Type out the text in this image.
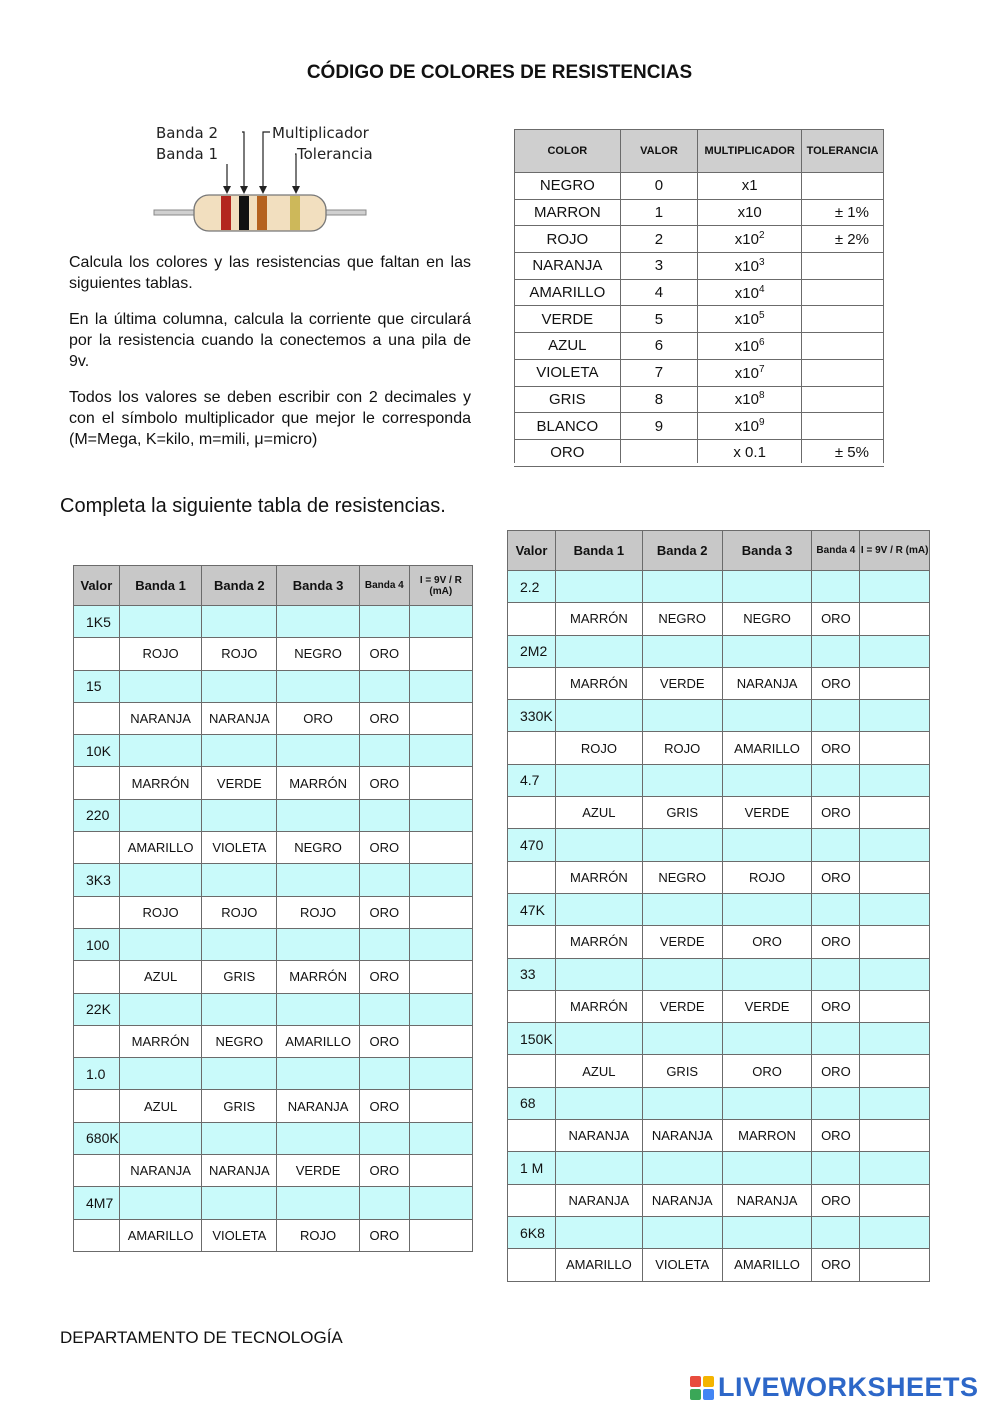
CÓDIGO DE COLORES DE RESISTENCIAS
Banda 2
Banda 1
Multiplicador
Tolerancia
Calcula los colores y las resistencias que faltan en las siguientes tablas.
En la última columna, calcula la corriente que circulará por la resistencia cuando la conectemos a una pila de 9v.
Todos los valores se deben escribir con 2 decimales y con el símbolo multiplicador que mejor le corresponda (M=Mega, K=kilo, m=mili, μ=micro)
COLOR	VALOR	MULTIPLICADOR	TOLERANCIA
NEGRO	0	x1	
MARRON	1	x10	± 1%
ROJO	2	$x10^2$	± 2%
NARANJA	3	$x10^3$	
AMARILLO	4	$x10^4$	
VERDE	5	$x10^5$	
AZUL	6	$x10^6$	
VIOLETA	7	$x10^7$	
GRIS	8	$x10^8$	
BLANCO	9	$x10^9$	
ORO		x 0.1	± 5%
Completa la siguiente tabla de resistencias.
Valor	Banda 1	Banda 2	Banda 3	Banda 4	I = 9V / R (mA)
1K5					
	ROJO	ROJO	NEGRO	ORO	
15					
	NARANJA	NARANJA	ORO	ORO	
10K					
	MARRÓN	VERDE	MARRÓN	ORO	
220					
	AMARILLO	VIOLETA	NEGRO	ORO	
3K3					
	ROJO	ROJO	ROJO	ORO	
100					
	AZUL	GRIS	MARRÓN	ORO	
22K					
	MARRÓN	NEGRO	AMARILLO	ORO	
1.0					
	AZUL	GRIS	NARANJA	ORO	
680K					
	NARANJA	NARANJA	VERDE	ORO	
4M7					
	AMARILLO	VIOLETA	ROJO	ORO	
Valor	Banda 1	Banda 2	Banda 3	Banda 4	I = 9V / R (mA)
2.2					
	MARRÓN	NEGRO	NEGRO	ORO	
2M2					
	MARRÓN	VERDE	NARANJA	ORO	
330K					
	ROJO	ROJO	AMARILLO	ORO	
4.7					
	AZUL	GRIS	VERDE	ORO	
470					
	MARRÓN	NEGRO	ROJO	ORO	
47K					
	MARRÓN	VERDE	ORO	ORO	
33					
	MARRÓN	VERDE	VERDE	ORO	
150K					
	AZUL	GRIS	ORO	ORO	
68					
	NARANJA	NARANJA	MARRON	ORO	
1 M					
	NARANJA	NARANJA	NARANJA	ORO	
6K8					
	AMARILLO	VIOLETA	AMARILLO	ORO	
DEPARTAMENTO DE TECNOLOGÍA
LIVEWORKSHEETS
